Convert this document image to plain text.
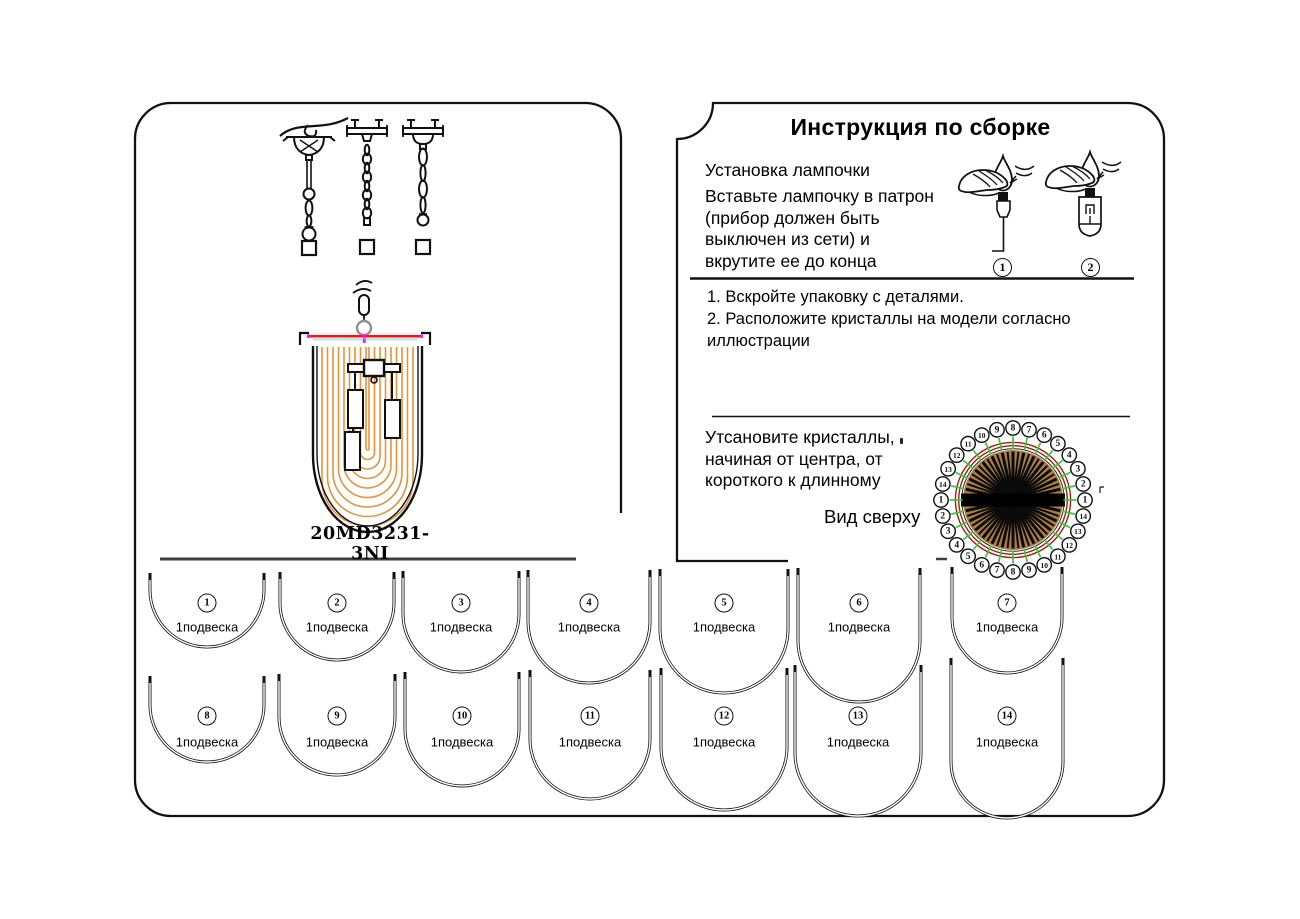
20MD3231-3NI
Инструкция по сборке
Установка лампочки
Вставьте лампочку в патрон
(прибор должен быть
выключен из сети) и
вкрутите ее до конца	1	2
1. Вскройте упаковку с деталями.
2. Расположите кристаллы на модели согласно
иллюстрации
Утсановите кристаллы,
начиная от центра, от
короткого к длинному
Вид сверху
1
2
3
4
5
6
7
8
9
10
11
12
13
14
1
2
3
4
5
6
7 8 9
10
11
12
13
14
1
1подвеска
2
1подвеска
3
1подвеска
4
1подвеска
5
1подвеска
6
1подвеска
7
1подвеска
8
1подвеска
9
1подвеска
10
1подвеска
11
1подвеска
12
1подвеска
13
1подвеска
14
1подвеска
